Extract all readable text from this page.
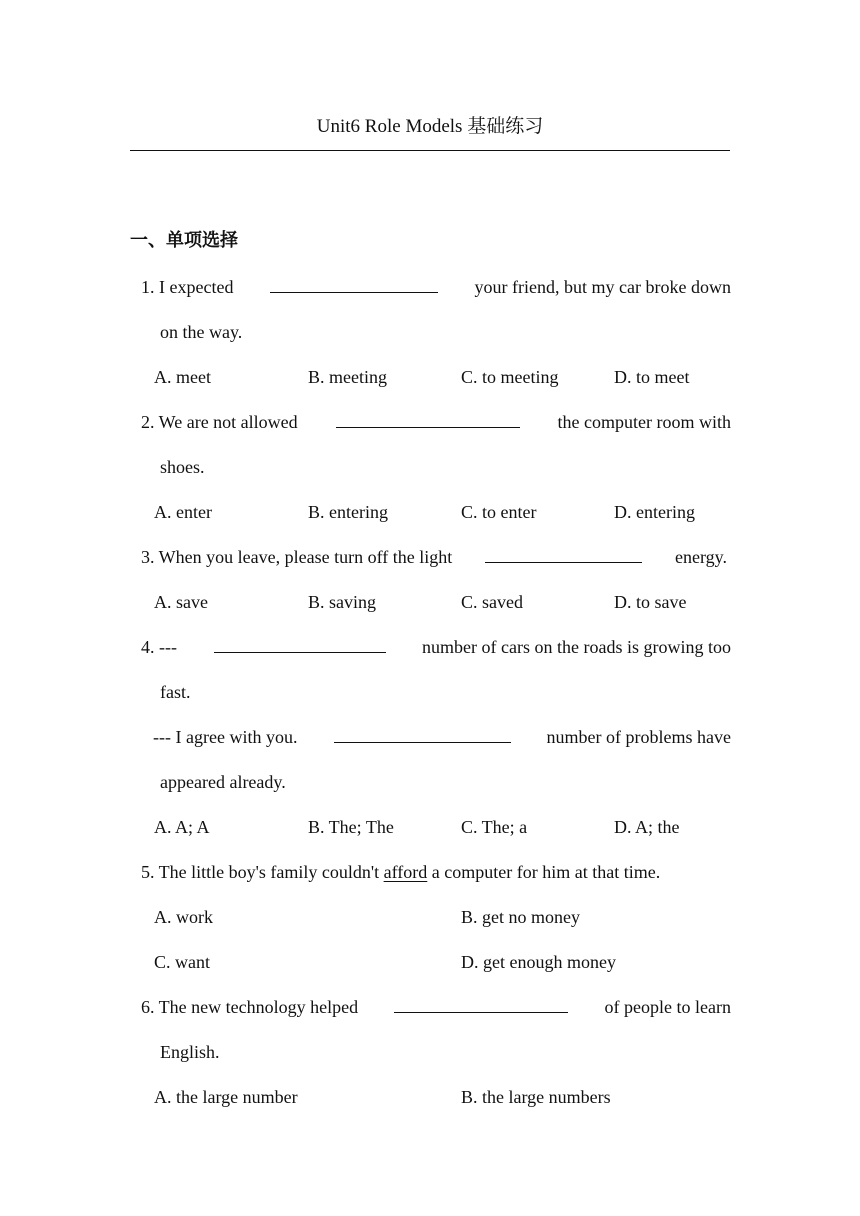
Unit6 Role Models 基础练习
一、单项选择
1. I expected	your friend, but my car broke down
on the way.
A. meet	B. meeting	C. to meeting	D. to meet
2. We are not allowed	the computer room with
shoes.
A. enter	B. entering	C. to enter	D. entering
3. When you leave, please turn off the light	energy.
A. save	B. saving	C. saved	D. to save
4. ---	number of cars on the roads is growing too
fast.
--- I agree with you.	number of problems have
appeared already.
A. A; A	B. The; The	C. The; a	D. A; the
5. The little boy's family couldn't afford a computer for him at that time.
A. work	B. get no money
C. want	D. get enough money
6. The new technology helped	of people to learn
English.
A. the large number	B. the large numbers
